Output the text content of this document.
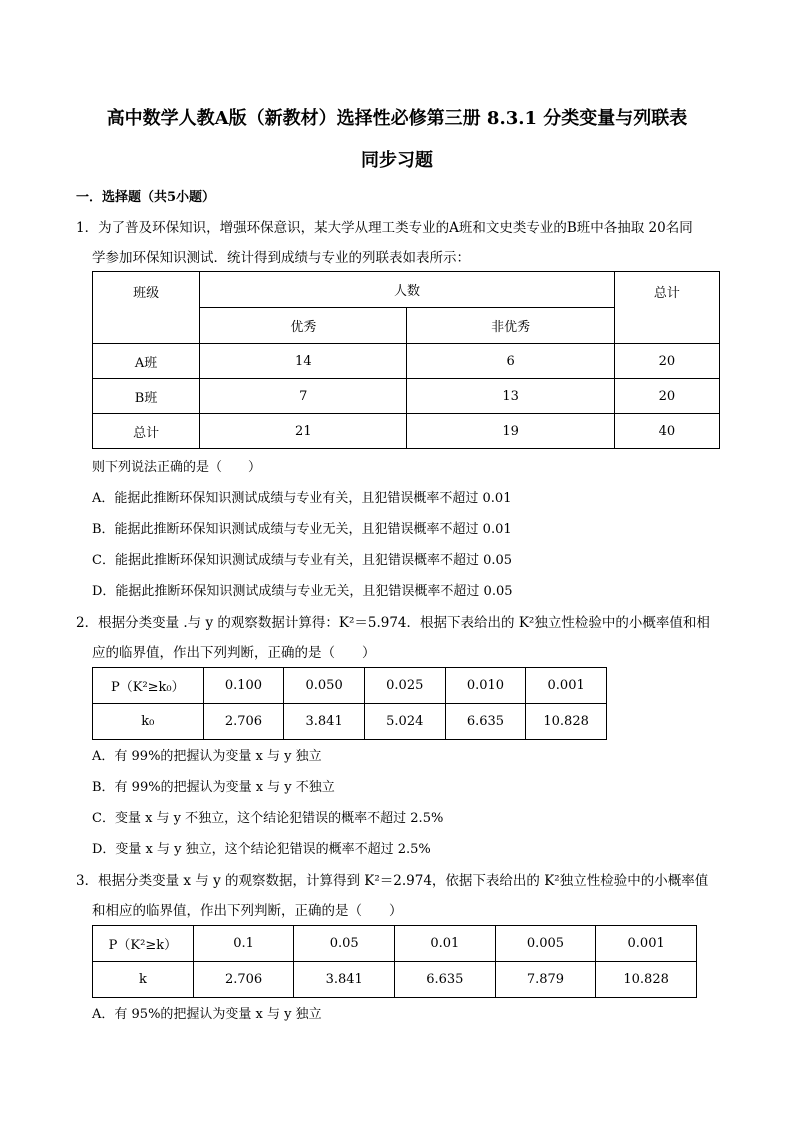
高中数学人教A版（新教材）选择性必修第三册 8.3.1 分类变量与列联表
同步习题
一．选择题（共5小题）
1．为了普及环保知识，增强环保意识，某大学从理工类专业的A班和文史类专业的B班中各抽取 20名同
学参加环保知识测试．统计得到成绩与专业的列联表如表所示：
班级	人数		总计
	优秀	非优秀	
A班	14	6	20
B班	7	13	20
总计	21	19	40
则下列说法正确的是（　　）
A．能据此推断环保知识测试成绩与专业有关，且犯错误概率不超过 0.01
B．能据此推断环保知识测试成绩与专业无关，且犯错误概率不超过 0.01
C．能据此推断环保知识测试成绩与专业有关，且犯错误概率不超过 0.05
D．能据此推断环保知识测试成绩与专业无关，且犯错误概率不超过 0.05
2．根据分类变量 .与 y 的观察数据计算得：K²＝5.974．根据下表给出的 K²独立性检验中的小概率值和相
应的临界值，作出下列判断，正确的是（　　）
P（K²≥k₀）	0.100	0.050	0.025	0.010	0.001
k₀	2.706	3.841	5.024	6.635	10.828
A．有 99%的把握认为变量 x 与 y 独立
B．有 99%的把握认为变量 x 与 y 不独立
C．变量 x 与 y 不独立，这个结论犯错误的概率不超过 2.5%
D．变量 x 与 y 独立，这个结论犯错误的概率不超过 2.5%
3．根据分类变量 x 与 y 的观察数据，计算得到 K²＝2.974，依据下表给出的 K²独立性检验中的小概率值
和相应的临界值，作出下列判断，正确的是（　　）
P（K²≥k）	0.1	0.05	0.01	0.005	0.001
k	2.706	3.841	6.635	7.879	10.828
A．有 95%的把握认为变量 x 与 y 独立
